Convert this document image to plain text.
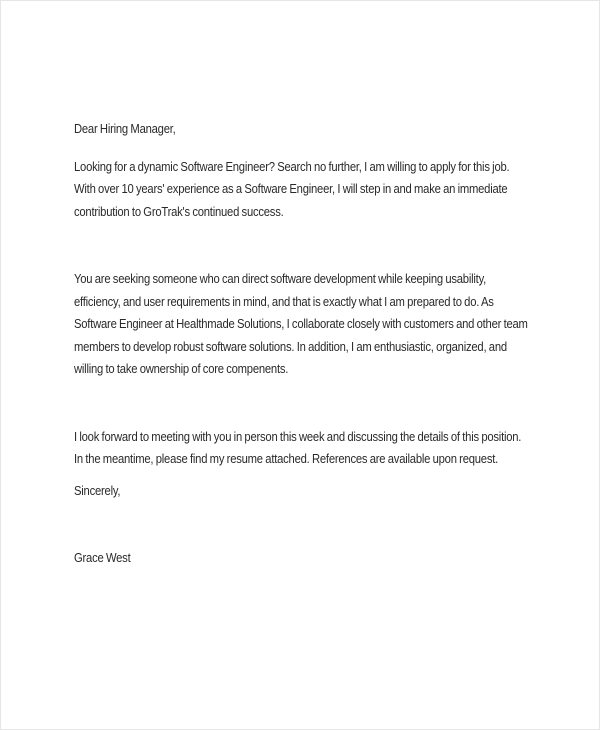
Dear Hiring Manager,

Looking for a dynamic Software Engineer? Search no further, I am willing to apply for this job. With over 10 years' experience as a Software Engineer, I will step in and make an immediate contribution to GroTrak's continued success.

You are seeking someone who can direct software development while keeping usability, efficiency, and user requirements in mind, and that is exactly what I am prepared to do. As Software Engineer at Healthmade Solutions, I collaborate closely with customers and other team members to develop robust software solutions. In addition, I am enthusiastic, organized, and willing to take ownership of core compenents.

I look forward to meeting with you in person this week and discussing the details of this position. In the meantime, please find my resume attached. References are available upon request.

Sincerely,

Grace West
